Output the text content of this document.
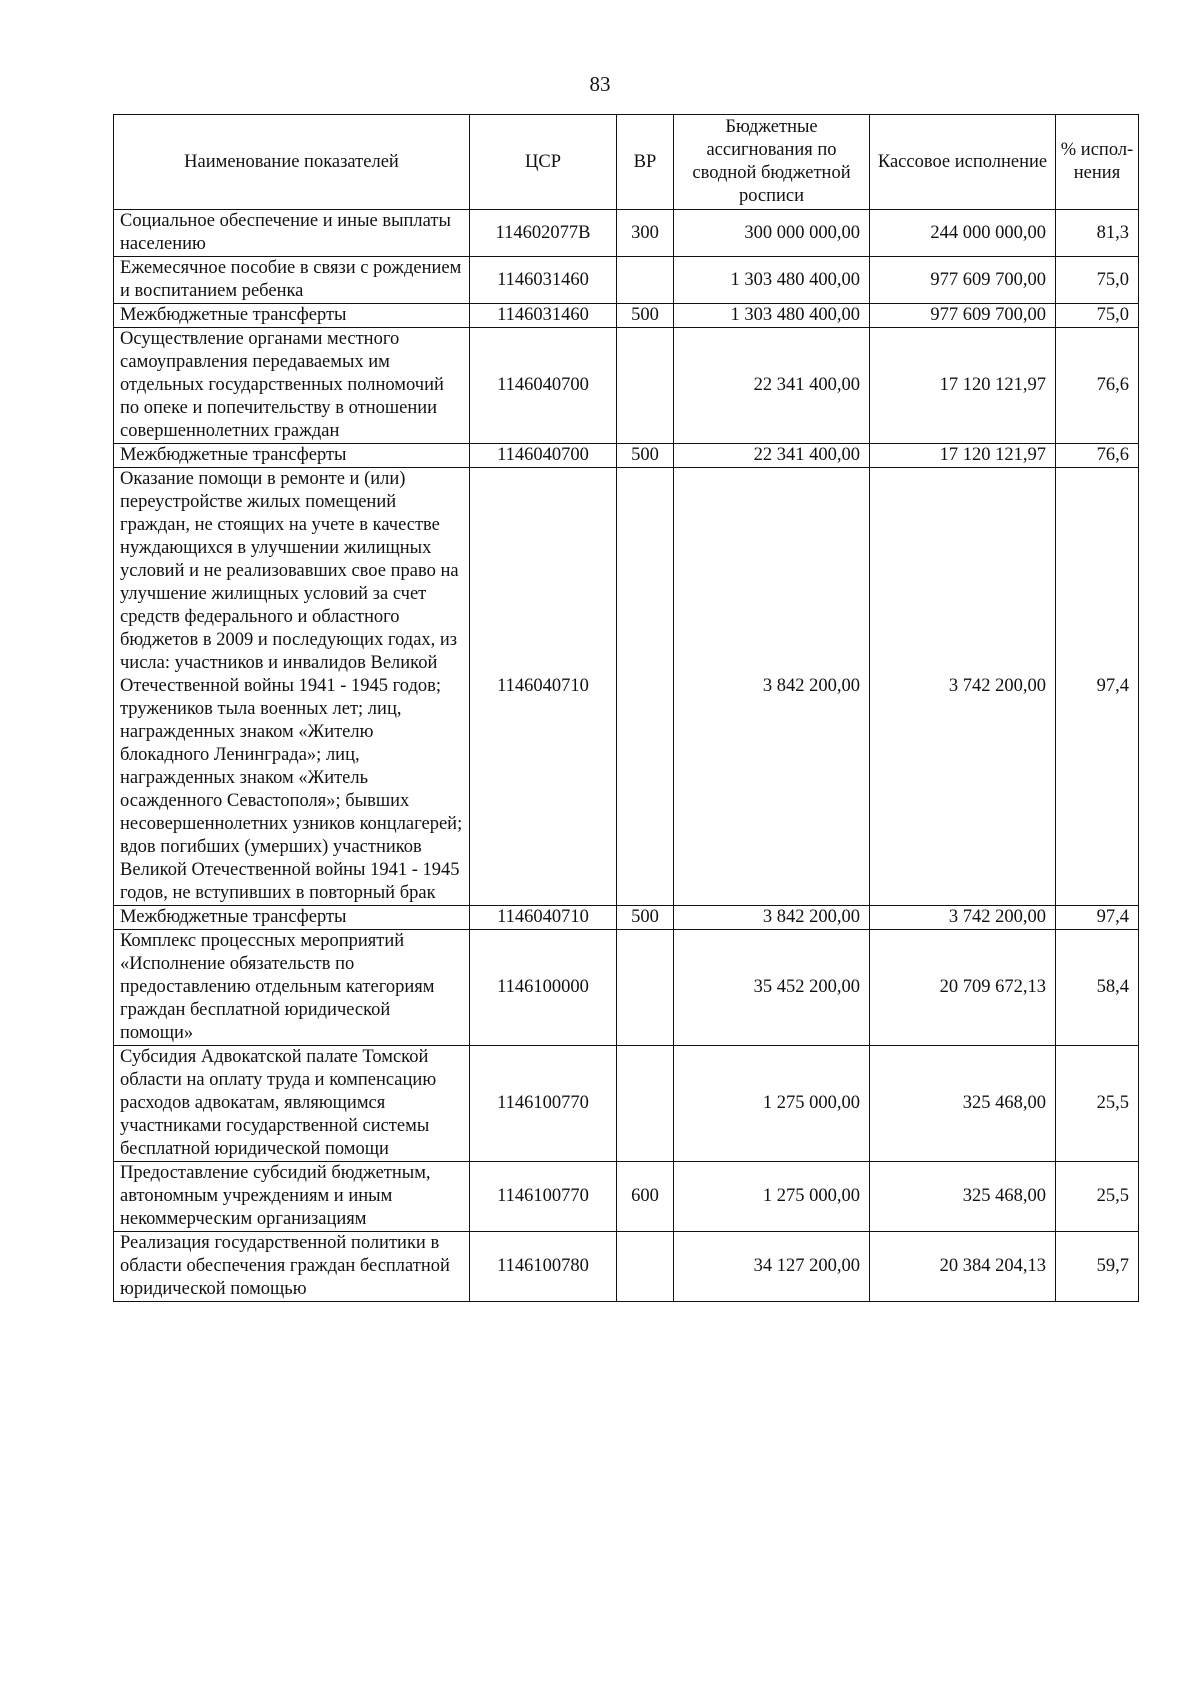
83
Наименование показателей	ЦСР	ВР	Бюджетные ассигнования по сводной бюджетной росписи	Кассовое исполнение	% испол-нения
Социальное обеспечение и иные выплаты населению	114602077В	300	300 000 000,00	244 000 000,00	81,3
Ежемесячное пособие в связи с рождением и воспитанием ребенка	1146031460		1 303 480 400,00	977 609 700,00	75,0
Межбюджетные трансферты	1146031460	500	1 303 480 400,00	977 609 700,00	75,0
Осуществление органами местного самоуправления передаваемых им отдельных государственных полномочий по опеке и попечительству в отношении совершеннолетних граждан	1146040700		22 341 400,00	17 120 121,97	76,6
Межбюджетные трансферты	1146040700	500	22 341 400,00	17 120 121,97	76,6
Оказание помощи в ремонте и (или) переустройстве жилых помещений граждан, не стоящих на учете в качестве нуждающихся в улучшении жилищных условий и не реализовавших свое право на улучшение жилищных условий за счет средств федерального и областного бюджетов в 2009 и последующих годах, из числа: участников и инвалидов Великой Отечественной войны 1941 - 1945 годов; тружеников тыла военных лет; лиц, награжденных знаком «Жителю блокадного Ленинграда»; лиц, награжденных знаком «Житель осажденного Севастополя»; бывших несовершеннолетних узников концлагерей; вдов погибших (умерших) участников Великой Отечественной войны 1941 - 1945 годов, не вступивших в повторный брак	1146040710		3 842 200,00	3 742 200,00	97,4
Межбюджетные трансферты	1146040710	500	3 842 200,00	3 742 200,00	97,4
Комплекс процессных мероприятий «Исполнение обязательств по предоставлению отдельным категориям граждан бесплатной юридической помощи»	1146100000		35 452 200,00	20 709 672,13	58,4
Субсидия Адвокатской палате Томской области на оплату труда и компенсацию расходов адвокатам, являющимся участниками государственной системы бесплатной юридической помощи	1146100770		1 275 000,00	325 468,00	25,5
Предоставление субсидий бюджетным, автономным учреждениям и иным некоммерческим организациям	1146100770	600	1 275 000,00	325 468,00	25,5
Реализация государственной политики в области обеспечения граждан бесплатной юридической помощью	1146100780		34 127 200,00	20 384 204,13	59,7
